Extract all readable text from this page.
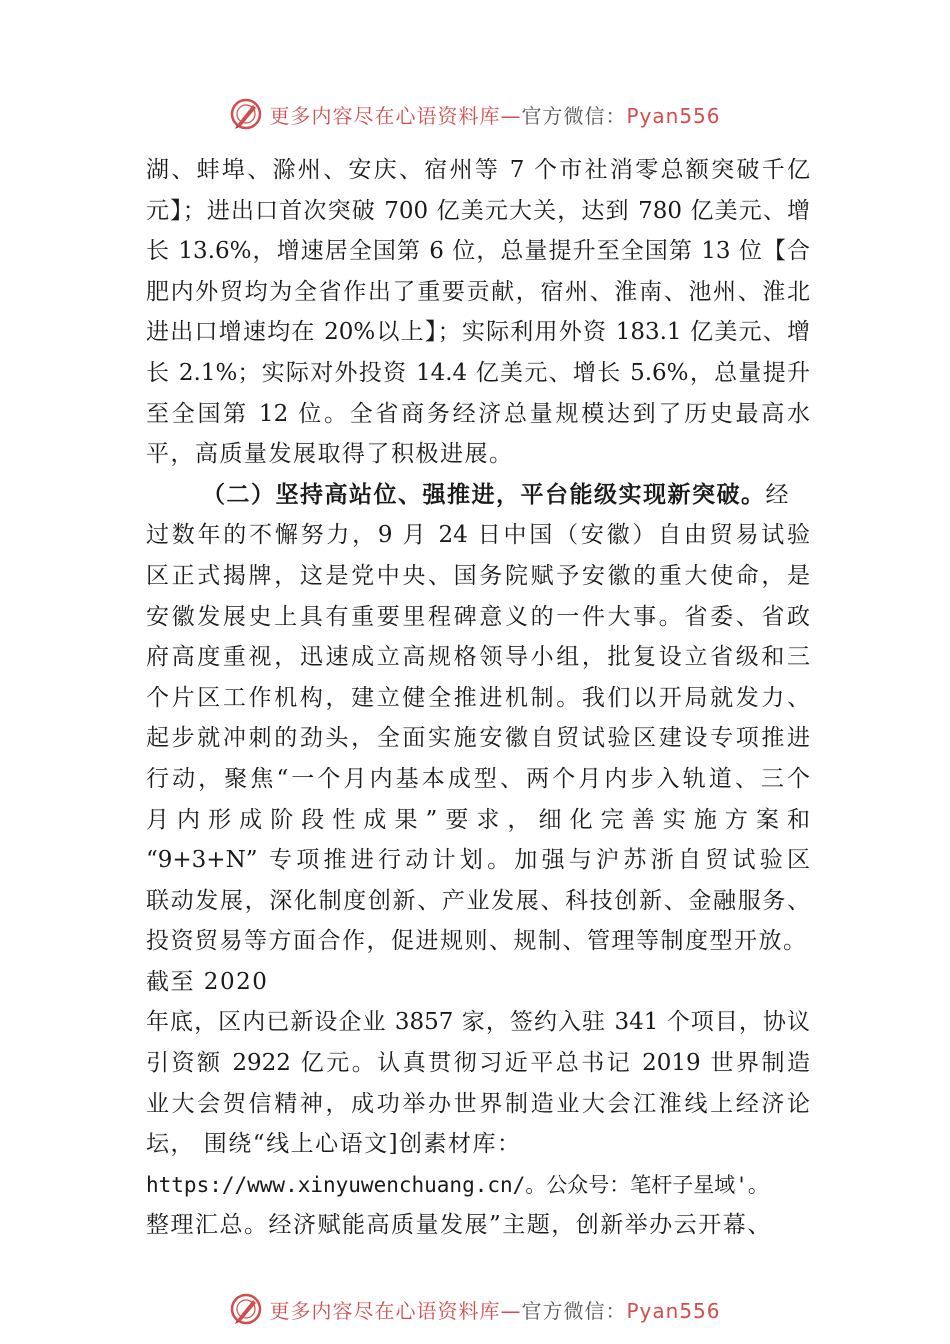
更多内容尽在心语资料库—官方微信：Pyan556
湖、蚌埠、滁州、安庆、宿州等 7 个市社消零总额突破千亿
元】；进出口首次突破 700 亿美元大关，达到 780 亿美元、增
长 13.6%，增速居全国第 6 位，总量提升至全国第 13 位【合
肥内外贸均为全省作出了重要贡献，宿州、淮南、池州、淮北
进出口增速均在 20%以上】；实际利用外资 183.1 亿美元、增
长 2.1%；实际对外投资 14.4 亿美元、增长 5.6%，总量提升
至全国第 12 位。全省商务经济总量规模达到了历史最高水
平，高质量发展取得了积极进展。
（二）坚持高站位、强推进，平台能级实现新突破。经
过数年的不懈努力，9 月 24 日中国（安徽）自由贸易试验
区正式揭牌，这是党中央、国务院赋予安徽的重大使命，是
安徽发展史上具有重要里程碑意义的一件大事。省委、省政
府高度重视，迅速成立高规格领导小组，批复设立省级和三
个片区工作机构，建立健全推进机制。我们以开局就发力、
起步就冲刺的劲头，全面实施安徽自贸试验区建设专项推进
行动，聚焦“一个月内基本成型、两个月内步入轨道、三个
月内形成阶段性成果”要求，细化完善实施方案和
“9+3+N” 专项推进行动计划。加强与沪苏浙自贸试验区
联动发展，深化制度创新、产业发展、科技创新、金融服务、
投资贸易等方面合作，促进规则、规制、管理等制度型开放。
截至 2020
年底，区内已新设企业 3857 家，签约入驻 341 个项目，协议
引资额 2922 亿元。认真贯彻习近平总书记 2019 世界制造
业大会贺信精神，成功举办世界制造业大会江淮线上经济论
坛， 围绕“线上心语文]创素材库：
https://www.xinyuwenchuang.cn/。公众号：笔杆子星域'。
整理汇总。经济赋能高质量发展”主题，创新举办云开幕、
更多内容尽在心语资料库—官方微信：Pyan556
